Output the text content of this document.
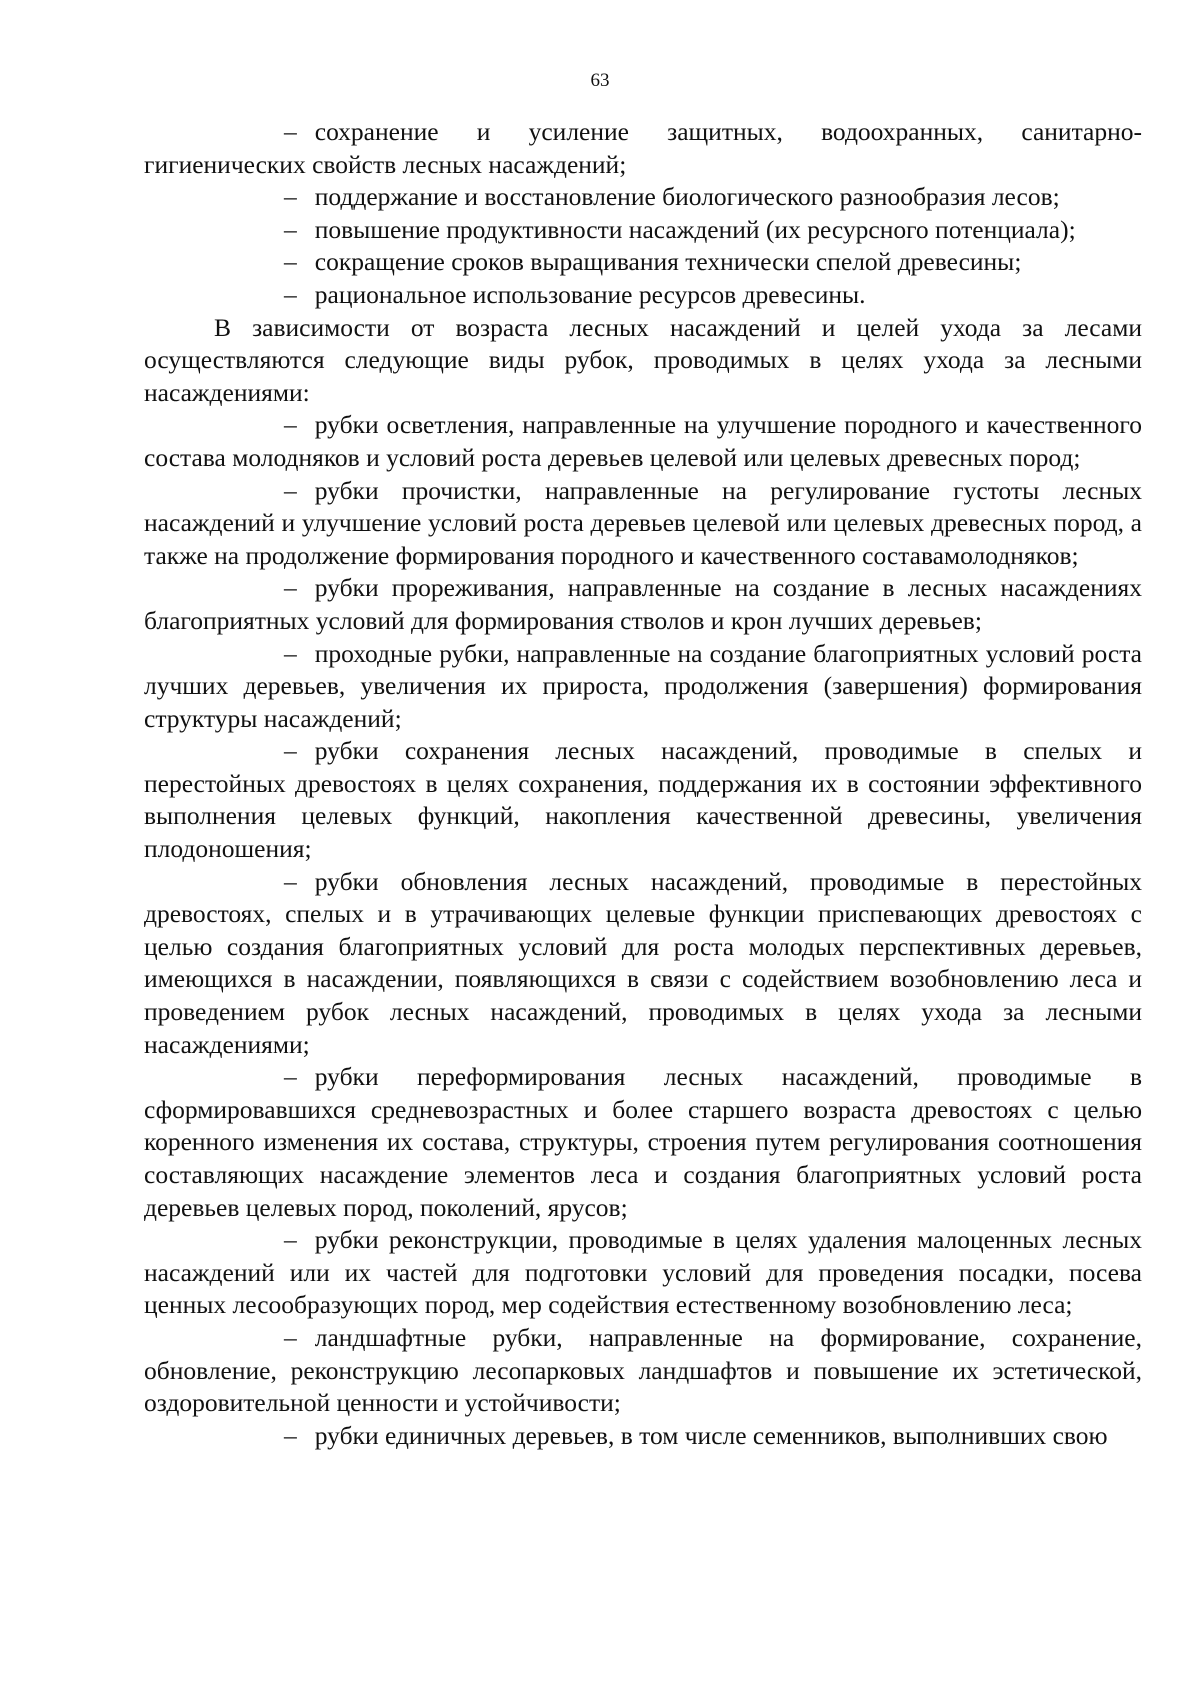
63

– сохранение и усиление защитных, водоохранных, санитарно-гигиенических свойств лесных насаждений;

– поддержание и восстановление биологического разнообразия лесов;

– повышение продуктивности насаждений (их ресурсного потенциала);

– сокращение сроков выращивания технически спелой древесины;

– рациональное использование ресурсов древесины.

В зависимости от возраста лесных насаждений и целей ухода за лесами осуществляются следующие виды рубок, проводимых в целях ухода за лесными насаждениями:

– рубки осветления, направленные на улучшение породного и качественного состава молодняков и условий роста деревьев целевой или целевых древесных пород;

– рубки прочистки, направленные на регулирование густоты лесных насаждений и улучшение условий роста деревьев целевой или целевых древесных пород, а также на продолжение формирования породного и качественного составамолодняков;

– рубки прореживания, направленные на создание в лесных насаждениях благоприятных условий для формирования стволов и крон лучших деревьев;

– проходные рубки, направленные на создание благоприятных условий роста лучших деревьев, увеличения их прироста, продолжения (завершения) формирования структуры насаждений;

– рубки сохранения лесных насаждений, проводимые в спелых и перестойных древостоях в целях сохранения, поддержания их в состоянии эффективного выполнения целевых функций, накопления качественной древесины, увеличения плодоношения;

– рубки обновления лесных насаждений, проводимые в перестойных древостоях, спелых и в утрачивающих целевые функции приспевающих древостоях с целью создания благоприятных условий для роста молодых перспективных деревьев, имеющихся в насаждении, появляющихся в связи с содействием возобновлению леса и проведением рубок лесных насаждений, проводимых в целях ухода за лесными насаждениями;

– рубки переформирования лесных насаждений, проводимые в сформировавшихся средневозрастных и более старшего возраста древостоях с целью коренного изменения их состава, структуры, строения путем регулирования соотношения составляющих насаждение элементов леса и создания благоприятных условий роста деревьев целевых пород, поколений, ярусов;

– рубки реконструкции, проводимые в целях удаления малоценных лесных насаждений или их частей для подготовки условий для проведения посадки, посева ценных лесообразующих пород, мер содействия естественному возобновлению леса;

– ландшафтные рубки, направленные на формирование, сохранение, обновление, реконструкцию лесопарковых ландшафтов и повышение их эстетической, оздоровительной ценности и устойчивости;

– рубки единичных деревьев, в том числе семенников, выполнивших свою
